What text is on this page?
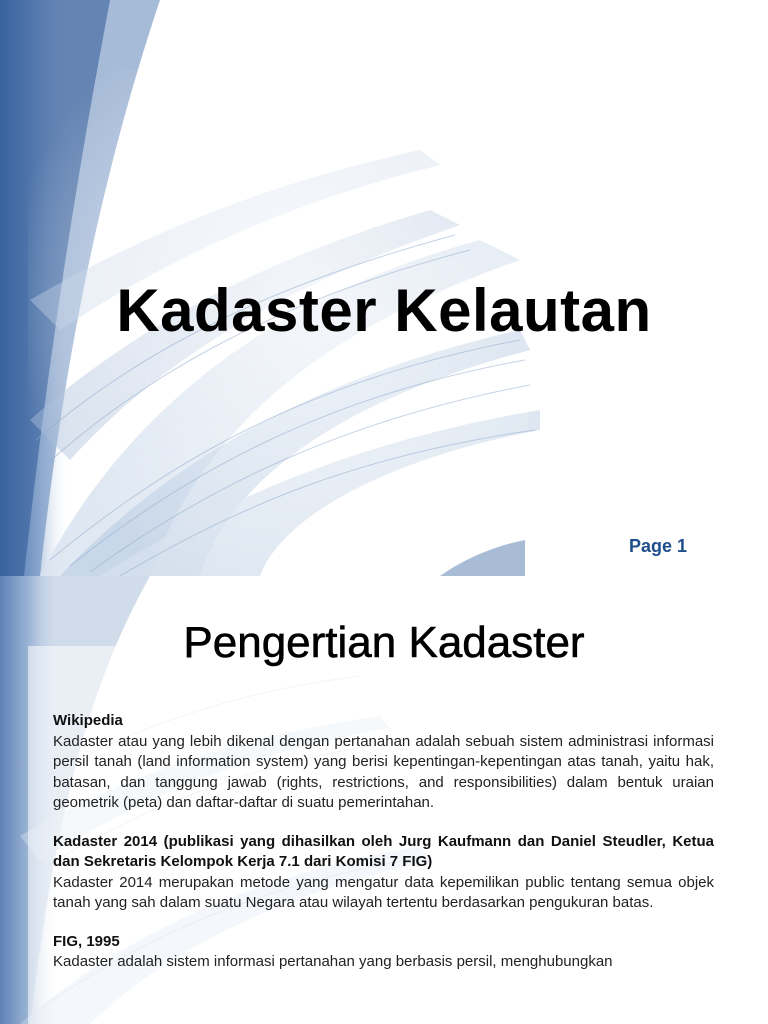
Kadaster Kelautan
Page 1
Pengertian Kadaster

Wikipedia

Kadaster atau yang lebih dikenal dengan pertanahan adalah sebuah sistem administrasi informasi persil tanah (land information system) yang berisi kepentingan-kepentingan atas tanah, yaitu hak, batasan, dan tanggung jawab (rights, restrictions, and responsibilities) dalam bentuk uraian geometrik (peta) dan daftar-daftar di suatu pemerintahan.

Kadaster 2014 (publikasi yang dihasilkan oleh Jurg Kaufmann dan Daniel Steudler, Ketua dan Sekretaris Kelompok Kerja 7.1 dari Komisi 7 FIG)

Kadaster 2014 merupakan metode yang mengatur data kepemilikan public tentang semua objek tanah yang sah dalam suatu Negara atau wilayah tertentu berdasarkan pengukuran batas.

FIG, 1995

Kadaster adalah sistem informasi pertanahan yang berbasis persil, menghubungkan
